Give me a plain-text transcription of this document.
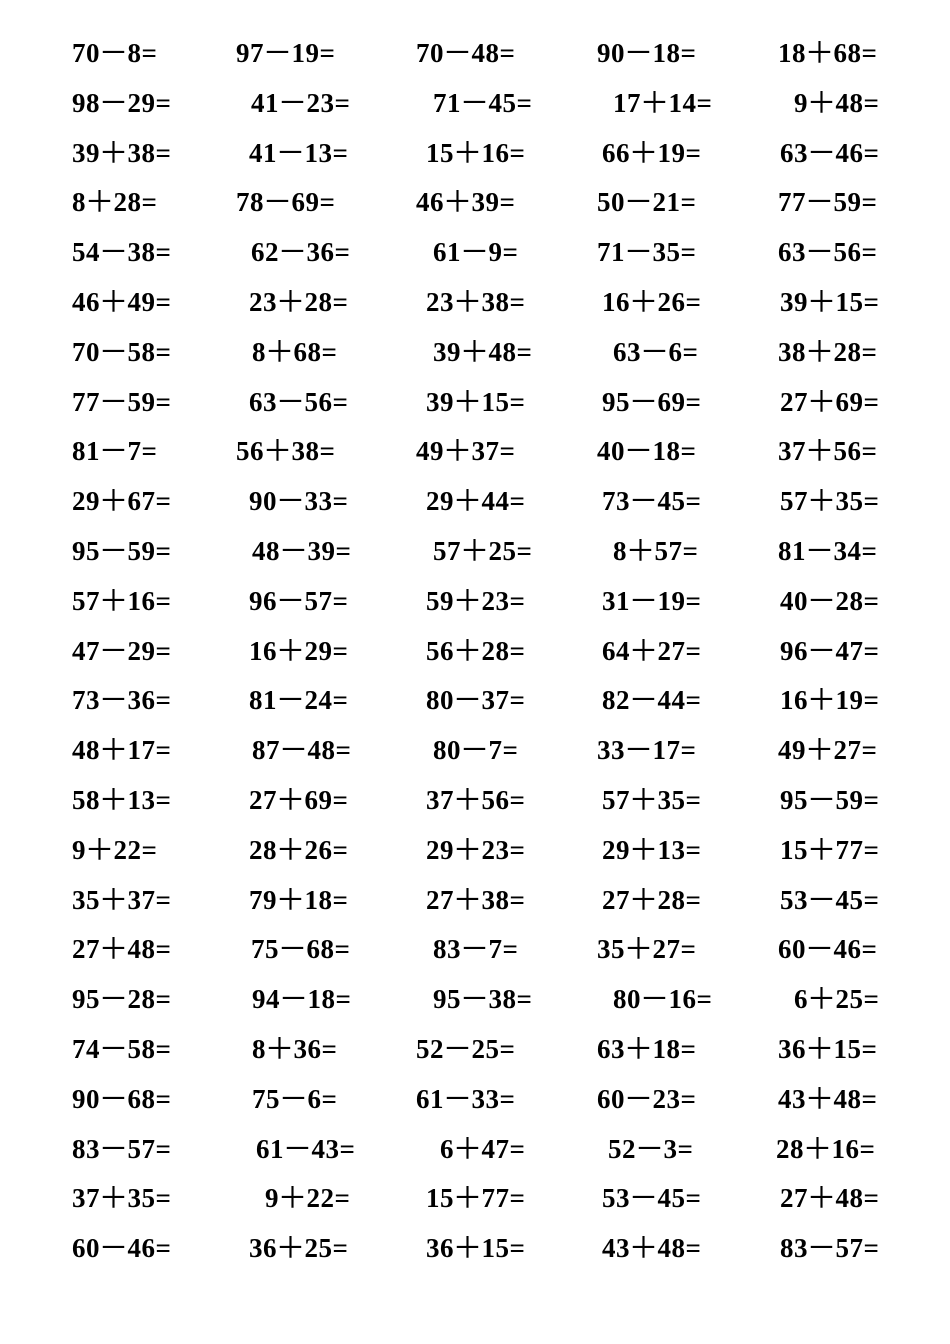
70－8=	97－19=	70－48=	90－18=	18＋68=
98－29=	41－23=	71－45=	17＋14=	9＋48=
39＋38=	41－13=	15＋16=	66＋19=	63－46=
8＋28=	78－69=	46＋39=	50－21=	77－59=
54－38=	62－36=	61－9=	71－35=	63－56=
46＋49=	23＋28=	23＋38=	16＋26=	39＋15=
70－58=	8＋68=	39＋48=	63－6=	38＋28=
77－59=	63－56=	39＋15=	95－69=	27＋69=
81－7=	56＋38=	49＋37=	40－18=	37＋56=
29＋67=	90－33=	29＋44=	73－45=	57＋35=
95－59=	48－39=	57＋25=	8＋57=	81－34=
57＋16=	96－57=	59＋23=	31－19=	40－28=
47－29=	16＋29=	56＋28=	64＋27=	96－47=
73－36=	81－24=	80－37=	82－44=	16＋19=
48＋17=	87－48=	80－7=	33－17=	49＋27=
58＋13=	27＋69=	37＋56=	57＋35=	95－59=
9＋22=	28＋26=	29＋23=	29＋13=	15＋77=
35＋37=	79＋18=	27＋38=	27＋28=	53－45=
27＋48=	75－68=	83－7=	35＋27=	60－46=
95－28=	94－18=	95－38=	80－16=	6＋25=
74－58=	8＋36=	52－25=	63＋18=	36＋15=
90－68=	75－6=	61－33=	60－23=	43＋48=
83－57=	61－43=	6＋47=	52－3=	28＋16=
37＋35=	9＋22=	15＋77=	53－45=	27＋48=
60－46=	36＋25=	36＋15=	43＋48=	83－57=
